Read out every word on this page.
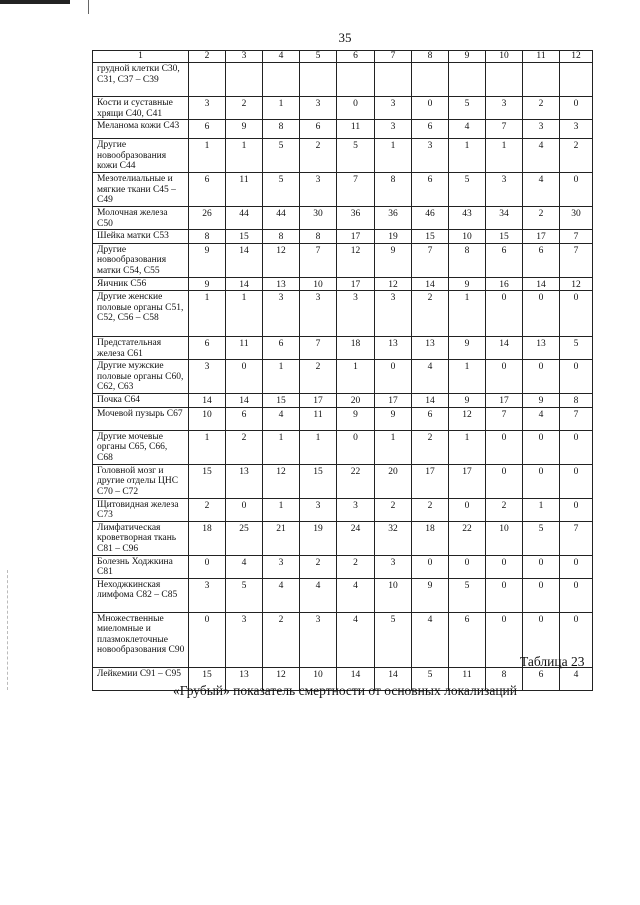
35
1	2	3	4	5	6	7	8	9	10	11	12
грудной клетки С30, С31, С37 – С39											
Кости и суставные хрящи С40, С41	3	2	1	3	0	3	0	5	3	2	0
Меланома кожи С43	6	9	8	6	11	3	6	4	7	3	3
Другие новообразования кожи С44	1	1	5	2	5	1	3	1	1	4	2
Мезотелиальные и мягкие ткани С45 – С49	6	11	5	3	7	8	6	5	3	4	0
Молочная железа С50	26	44	44	30	36	36	46	43	34	2	30
Шейка матки С53	8	15	8	8	17	19	15	10	15	17	7
Другие новообразования матки С54, С55	9	14	12	7	12	9	7	8	6	6	7
Яичник С56	9	14	13	10	17	12	14	9	16	14	12
Другие женские половые органы С51, С52, С56 – С58	1	1	3	3	3	3	2	1	0	0	0
Предстательная железа С61	6	11	6	7	18	13	13	9	14	13	5
Другие мужские половые органы С60, С62, С63	3	0	1	2	1	0	4	1	0	0	0
Почка С64	14	14	15	17	20	17	14	9	17	9	8
Мочевой пузырь С67	10	6	4	11	9	9	6	12	7	4	7
Другие мочевые органы С65, С66, С68	1	2	1	1	0	1	2	1	0	0	0
Головной мозг и другие отделы ЦНС С70 – С72	15	13	12	15	22	20	17	17	0	0	0
Щитовидная железа С73	2	0	1	3	3	2	2	0	2	1	0
Лимфатическая кроветворная ткань С81 – С96	18	25	21	19	24	32	18	22	10	5	7
Болезнь Ходжкина С81	0	4	3	2	2	3	0	0	0	0	0
Неходжкинская лимфома С82 – С85	3	5	4	4	4	10	9	5	0	0	0
Множественные миеломные и плазмоклеточные новообразования С90	0	3	2	3	4	5	4	6	0	0	0
Лейкемии С91 – С95	15	13	12	10	14	14	5	11	8	6	4
Таблица 23
«Грубый» показатель смертности от основных локализаций
